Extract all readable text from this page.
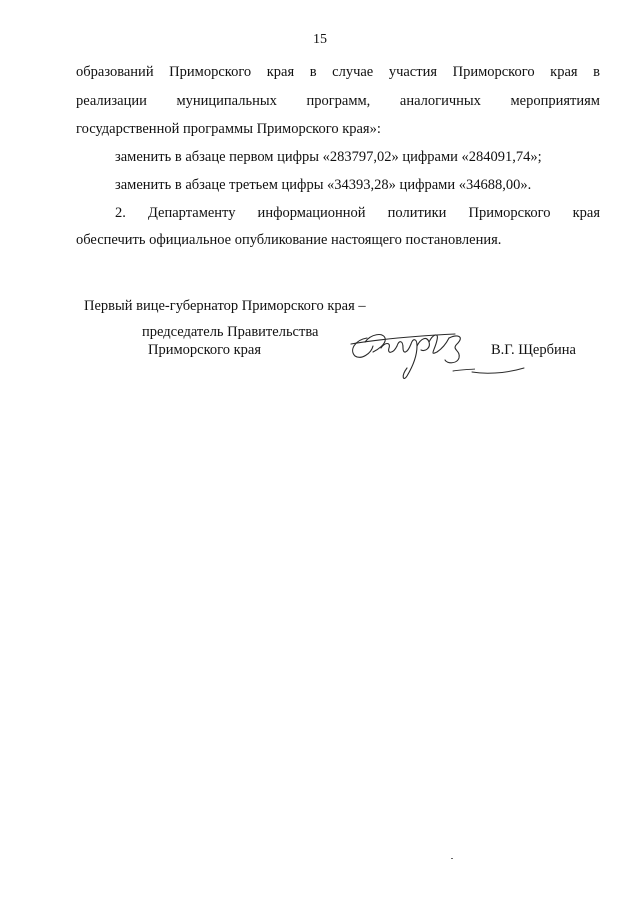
15
образований Приморского края в случае участия Приморского края в
реализации муниципальных программ, аналогичных мероприятиям
государственной программы Приморского края»:
заменить в абзаце первом цифры «283797,02» цифрами «284091,74»;
заменить в абзаце третьем цифры «34393,28» цифрами «34688,00».
2. Департаменту информационной политики Приморского края
обеспечить официальное опубликование настоящего постановления.
Первый вице-губернатор Приморского края –
председатель Правительства
Приморского края	В.Г. Щербина
